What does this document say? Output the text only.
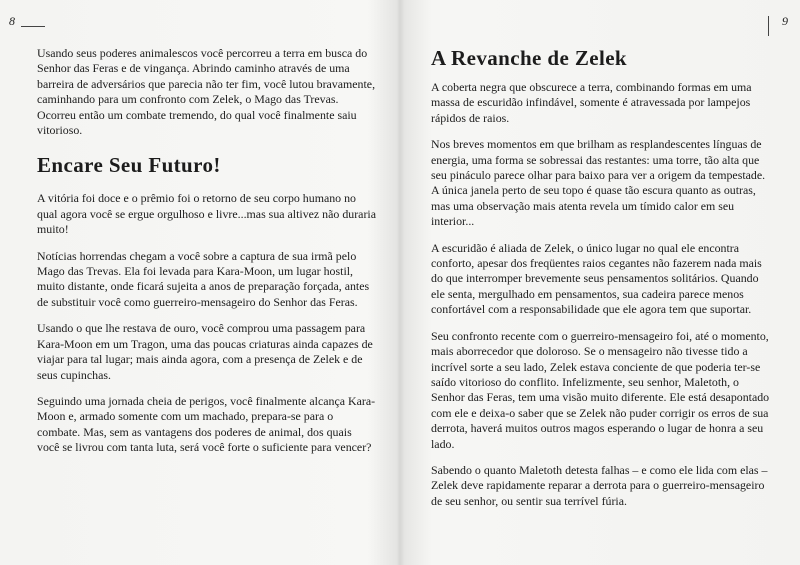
8

Usando seus poderes animalescos você percorreu a terra em busca do Senhor das Feras e de vingança. Abrindo caminho através de uma barreira de adversários que parecia não ter fim, você lutou bravamente, caminhando para um confronto com Zelek, o Mago das Trevas. Ocorreu então um combate tremendo, do qual você finalmente saiu vitorioso.

Encare Seu Futuro!

A vitória foi doce e o prêmio foi o retorno de seu corpo humano no qual agora você se ergue orgulhoso e livre...mas sua altivez não duraria muito!

Notícias horrendas chegam a você sobre a captura de sua irmã pelo Mago das Trevas. Ela foi levada para Kara-Moon, um lugar hostil, muito distante, onde ficará sujeita a anos de preparação forçada, antes de substituir você como guerreiro-mensageiro do Senhor das Feras.

Usando o que lhe restava de ouro, você comprou uma passagem para Kara-Moon em um Tragon, uma das poucas criaturas ainda capazes de viajar para tal lugar; mais ainda agora, com a presença de Zelek e de seus cupinchas.

Seguindo uma jornada cheia de perigos, você finalmente alcança Kara-Moon e, armado somente com um machado, prepara-se para o combate. Mas, sem as vantagens dos poderes de animal, dos quais você se livrou com tanta luta, será você forte o suficiente para vencer?

9
A Revanche de Zelek

A coberta negra que obscurece a terra, combinando formas em uma massa de escuridão infindável, somente é atravessada por lampejos rápidos de raios.

Nos breves momentos em que brilham as resplandescentes línguas de energia, uma forma se sobressai das restantes: uma torre, tão alta que seu pináculo parece olhar para baixo para ver a origem da tempestade. A única janela perto de seu topo é quase tão escura quanto as outras, mas uma observação mais atenta revela um tímido calor em seu interior...

A escuridão é aliada de Zelek, o único lugar no qual ele encontra conforto, apesar dos freqüentes raios cegantes não fazerem nada mais do que interromper brevemente seus pensamentos solitários. Quando ele senta, mergulhado em pensamentos, sua cadeira parece menos confortável com a responsabilidade que ele agora tem que suportar.

Seu confronto recente com o guerreiro-mensageiro foi, até o momento, mais aborrecedor que doloroso. Se o mensageiro não tivesse tido a incrível sorte a seu lado, Zelek estava conciente de que poderia ter-se saído vitorioso do conflito. Infelizmente, seu senhor, Maletoth, o Senhor das Feras, tem uma visão muito diferente. Ele está desapontado com ele e deixa-o saber que se Zelek não puder corrigir os erros de sua derrota, haverá muitos outros magos esperando o lugar de honra a seu lado.

Sabendo o quanto Maletoth detesta falhas – e como ele lida com elas – Zelek deve rapidamente reparar a derrota para o guerreiro-mensageiro de seu senhor, ou sentir sua terrível fúria.
